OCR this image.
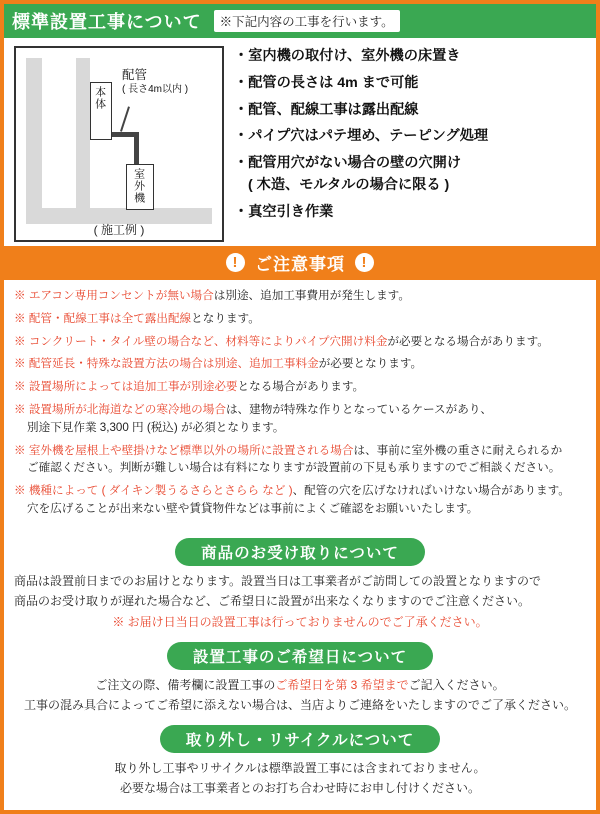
標準設置工事について	※下記内容の工事を行います。
本体
配管
( 長さ4m以内 )
室外機
( 施工例 )
・ 室内機の取付け、室外機の床置き
・ 配管の長さは 4m まで可能
・ 配管、配線工事は露出配線
・ パイプ穴はパテ埋め、テーピング処理
・ 配管用穴がない場合の壁の穴開け
( 木造、モルタルの場合に限る )
・ 真空引き作業
! ご注意事項	!
※ エアコン専用コンセントが無い場合は別途、追加工事費用が発生します。
※ 配管・配線工事は全て露出配線となります。
※ コンクリート・タイル壁の場合など、材料等によりパイプ穴開け料金が必要となる場合があります。
※ 配管延長・特殊な設置方法の場合は別途、追加工事料金が必要となります。
※ 設置場所によっては追加工事が別途必要となる場合があります。
※ 設置場所が北海道などの寒冷地の場合は、建物が特殊な作りとなっているケースがあり、
別途下見作業 3,300 円 (税込) が必須となります。
※ 室外機を屋根上や壁掛けなど標準以外の場所に設置される場合は、事前に室外機の重さに耐えられるか
ご確認ください。判断が難しい場合は有料になりますが設置前の下見も承りますのでご相談ください。
※ 機種によって ( ダイキン製うるさらとさらら など )、配管の穴を広げなければいけない場合があります。
穴を広げることが出来ない壁や賃貸物件などは事前によくご確認をお願いいたします。
商品のお受け取りについて

商品は設置前日までのお届けとなります。設置当日は工事業者がご訪問しての設置となりますので

商品のお受け取りが遅れた場合など、ご希望日に設置が出来なくなりますのでご注意ください。

※ お届け日当日の設置工事は行っておりませんのでご了承ください。

設置工事のご希望日について

ご注文の際、備考欄に設置工事のご希望日を第 3 希望までご記入ください。

工事の混み具合によってご希望に添えない場合は、当店よりご連絡をいたしますのでご了承ください。

取り外し・リサイクルについて

取り外し工事やリサイクルは標準設置工事には含まれておりません。

必要な場合は工事業者とのお打ち合わせ時にお申し付けください。
